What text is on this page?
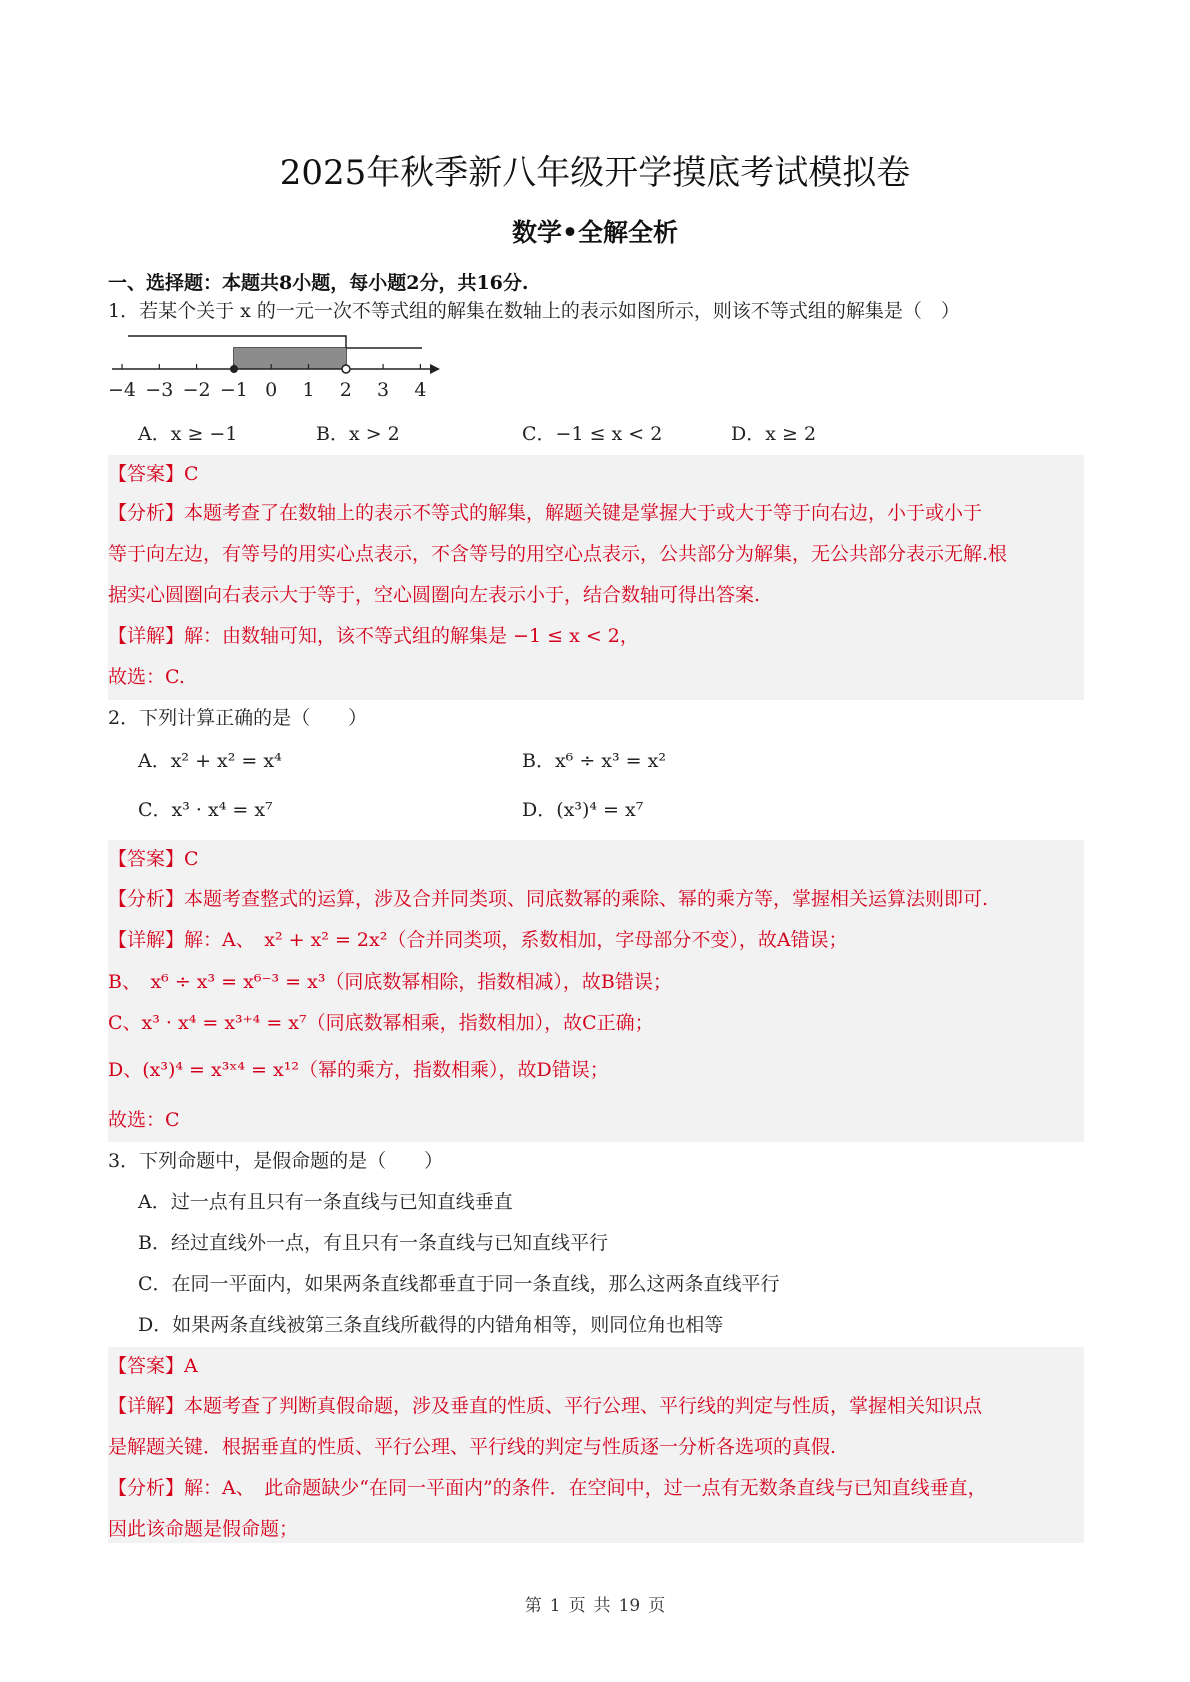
2025年秋季新八年级开学摸底考试模拟卷
数学•全解全析
一、选择题：本题共8小题，每小题2分，共16分.
1．若某个关于 x 的一元一次不等式组的解集在数轴上的表示如图所示，则该不等式组的解集是（　）
−4 −3 −2 −1 0 1 2 3 4
A．x ≥ −1	B．x > 2	C．−1 ≤ x < 2	D．x ≥ 2
【答案】C
【分析】本题考查了在数轴上的表示不等式的解集，解题关键是掌握大于或大于等于向右边，小于或小于
等于向左边，有等号的用实心点表示，不含等号的用空心点表示，公共部分为解集，无公共部分表示无解.根
据实心圆圈向右表示大于等于，空心圆圈向左表示小于，结合数轴可得出答案.
【详解】解：由数轴可知，该不等式组的解集是 −1 ≤ x < 2，
故选：C.
2．下列计算正确的是（　　）
A．x² + x² = x⁴	B．x⁶ ÷ x³ = x²
C．x³ · x⁴ = x⁷	D．(x³)⁴ = x⁷
【答案】C
【分析】本题考查整式的运算，涉及合并同类项、同底数幂的乘除、幂的乘方等，掌握相关运算法则即可.
【详解】解：A、　x² + x² = 2x²（合并同类项，系数相加，字母部分不变），故A错误；
B、　x⁶ ÷ x³ = x⁶⁻³ = x³（同底数幂相除，指数相减），故B错误；
C、x³ · x⁴ = x³⁺⁴ = x⁷（同底数幂相乘，指数相加），故C正确；
D、(x³)⁴ = x³ˣ⁴ = x¹²（幂的乘方，指数相乘），故D错误；
故选：C
3．下列命题中，是假命题的是（　　）
A．过一点有且只有一条直线与已知直线垂直
B．经过直线外一点，有且只有一条直线与已知直线平行
C．在同一平面内，如果两条直线都垂直于同一条直线，那么这两条直线平行
D．如果两条直线被第三条直线所截得的内错角相等，则同位角也相等
【答案】A
【详解】本题考查了判断真假命题，涉及垂直的性质、平行公理、平行线的判定与性质，掌握相关知识点
是解题关键．根据垂直的性质、平行公理、平行线的判定与性质逐一分析各选项的真假.
【分析】解：A、　此命题缺少“在同一平面内”的条件．在空间中，过一点有无数条直线与已知直线垂直，
因此该命题是假命题；
第 1 页 共 19 页
